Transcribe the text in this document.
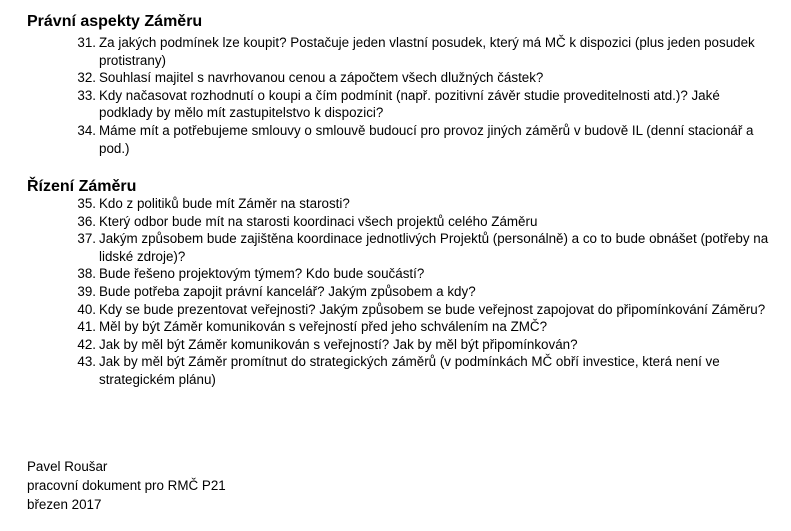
Právní aspekty Záměru
31. Za jakých podmínek lze koupit? Postačuje jeden vlastní posudek, který má MČ k dispozici (plus jeden posudek protistrany)
32. Souhlasí majitel s navrhovanou cenou a zápočtem všech dlužných částek?
33. Kdy načasovat rozhodnutí o koupi a čím podmínit (např. pozitivní závěr studie proveditelnosti atd.)? Jaké podklady by mělo mít zastupitelstvo k dispozici?
34. Máme mít a potřebujeme smlouvy o smlouvě budoucí pro provoz jiných záměrů v budově IL (denní stacionář a pod.)
Řízení Záměru
35. Kdo z politiků bude mít Záměr na starosti?
36. Který odbor bude mít na starosti koordinaci všech projektů celého Záměru
37. Jakým způsobem bude zajištěna koordinace jednotlivých Projektů (personálně) a co to bude obnášet (potřeby na lidské zdroje)?
38. Bude řešeno projektovým týmem? Kdo bude součástí?
39. Bude potřeba zapojit právní kancelář? Jakým způsobem a kdy?
40. Kdy se bude prezentovat veřejnosti? Jakým způsobem se bude veřejnost zapojovat do připomínkování Záměru?
41. Měl by být Záměr komunikován s veřejností před jeho schválením na ZMČ?
42. Jak by měl být Záměr komunikován s veřejností? Jak by měl být připomínkován?
43. Jak by měl být Záměr promítnut do strategických záměrů (v podmínkách MČ obří investice, která není ve strategickém plánu)
Pavel Roušar
pracovní dokument pro RMČ P21
březen 2017
